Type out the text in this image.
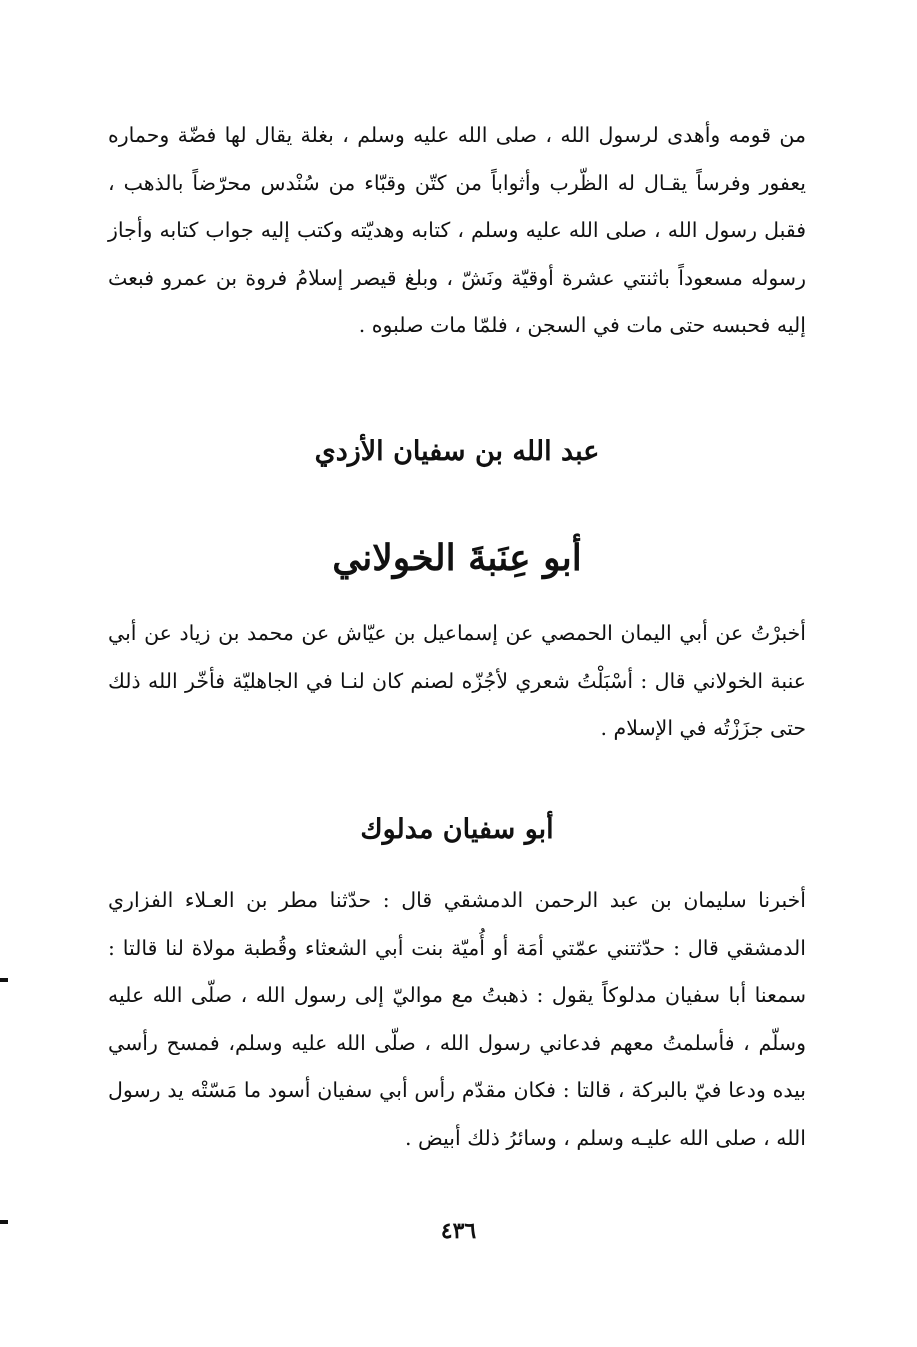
من قومه وأهدى لرسول الله ، صلى الله عليه وسلم ، بغلة يقال لها فضّة وحماره يعفور وفرساً يقـال له الظّرب وأثواباً من كتّن وقبّاء من سُنْدس محرّضاً بالذهب ، فقبل رسول الله ، صلى الله عليه وسلم ، كتابه وهديّته وكتب إليه جواب كتابه وأجاز رسوله مسعوداً باثنتي عشرة أوقيّة ونَشّ ، وبلغ قيصر إسلامُ فروة بن عمرو فبعث إليه فحبسه حتى مات في السجن ، فلمّا مات صلبوه .

عبد الله بن سفيان الأزدي
أبو عِنَبةَ الخولاني

أخبرْتُ عن أبي اليمان الحمصي عن إسماعيل بن عيّاش عن محمد بن زياد عن أبي عنبة الخولاني قال : أسْبَلْتُ شعري لأجُزّه لصنم كان لنـا في الجاهليّة فأخّر الله ذلك حتى جزَزْتُه في الإسلام .

أبو سفيان مدلوك

أخبرنا سليمان بن عبد الرحمن الدمشقي قال : حدّثنا مطر بن العـلاء الفزاري الدمشقي قال : حدّثتني عمّتي أمَة أو أُميّة بنت أبي الشعثاء وقُطبة مولاة لنا قالتا : سمعنا أبا سفيان مدلوكاً يقول : ذهبتُ مع مواليّ إلى رسول الله ، صلّى الله عليه وسلّم ، فأسلمتُ معهم فدعاني رسول الله ، صلّى الله عليه وسلم، فمسح رأسي بيده ودعا فيّ بالبركة ، قالتا : فكان مقدّم رأس أبي سفيان أسود ما مَسّتْه يد رسول الله ، صلى الله عليـه وسلم ، وسائرُ ذلك أبيض .

٤٣٦
